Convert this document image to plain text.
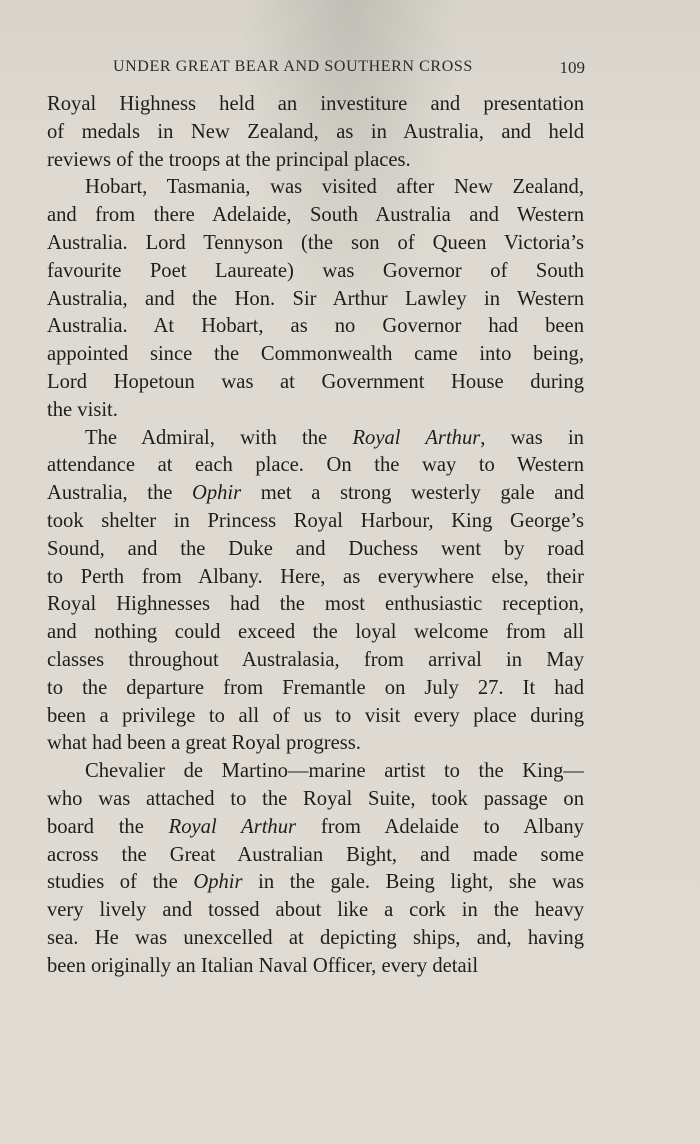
UNDER GREAT BEAR AND SOUTHERN CROSS	109
Royal Highness held an investiture and presentation
of medals in New Zealand, as in Australia, and held
reviews of the troops at the principal places.
Hobart, Tasmania, was visited after New Zealand,
and from there Adelaide, South Australia and Western
Australia. Lord Tennyson (the son of Queen Victoria’s
favourite Poet Laureate) was Governor of South
Australia, and the Hon. Sir Arthur Lawley in Western
Australia. At Hobart, as no Governor had been
appointed since the Commonwealth came into being,
Lord Hopetoun was at Government House during
the visit.
The Admiral, with the Royal Arthur, was in
attendance at each place. On the way to Western
Australia, the Ophir met a strong westerly gale and
took shelter in Princess Royal Harbour, King George’s
Sound, and the Duke and Duchess went by road
to Perth from Albany. Here, as everywhere else, their
Royal Highnesses had the most enthusiastic reception,
and nothing could exceed the loyal welcome from all
classes throughout Australasia, from arrival in May
to the departure from Fremantle on July 27. It had
been a privilege to all of us to visit every place during
what had been a great Royal progress.
Chevalier de Martino—marine artist to the King—
who was attached to the Royal Suite, took passage on
board the Royal Arthur from Adelaide to Albany
across the Great Australian Bight, and made some
studies of the Ophir in the gale. Being light, she was
very lively and tossed about like a cork in the heavy
sea. He was unexcelled at depicting ships, and, having
been originally an Italian Naval Officer, every detail
